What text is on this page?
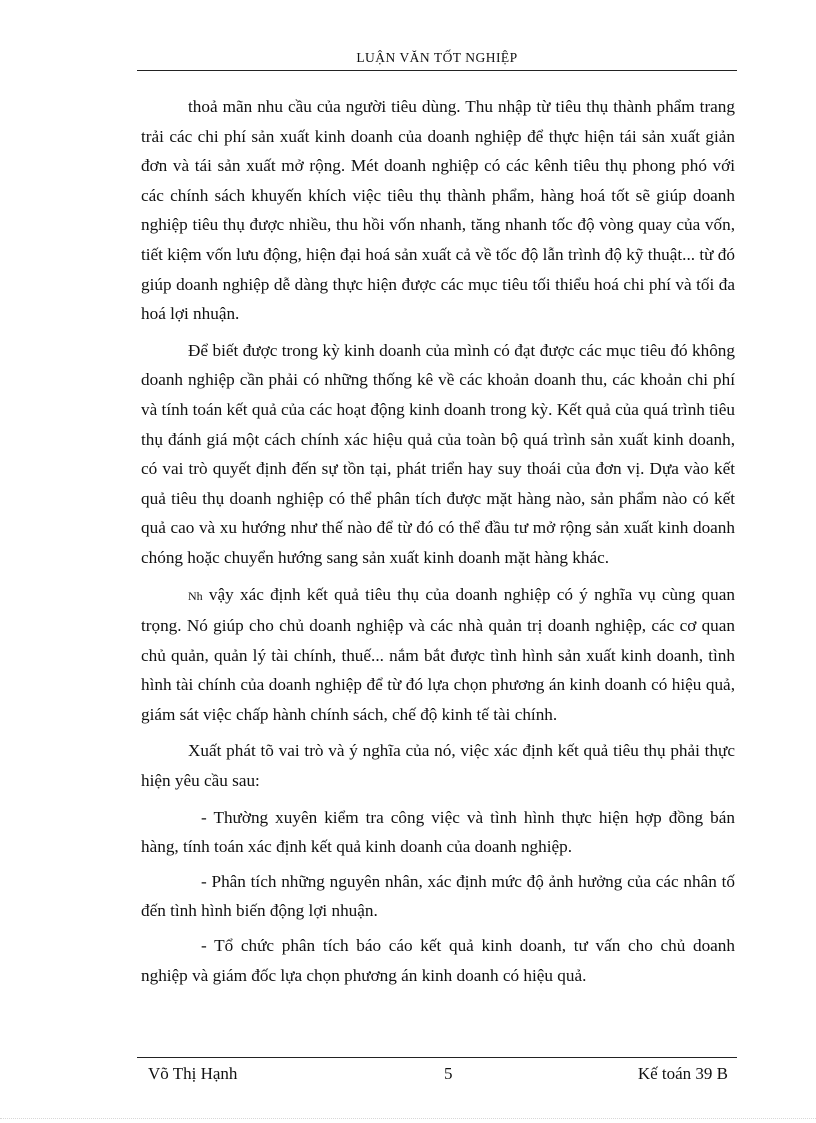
LUẬN VĂN TỐT NGHIỆP

thoả mãn nhu cầu của người tiêu dùng. Thu nhập từ tiêu thụ thành phẩm trang trải các chi phí sản xuất kinh doanh của doanh nghiệp để thực hiện tái sản xuất giản đơn và tái sản xuất mở rộng. Mét doanh nghiệp có các kênh tiêu thụ phong phó với các chính sách khuyến khích việc tiêu thụ thành phẩm, hàng hoá tốt sẽ giúp doanh nghiệp tiêu thụ được nhiều, thu hồi vốn nhanh, tăng nhanh tốc độ vòng quay của vốn, tiết kiệm vốn lưu động, hiện đại hoá sản xuất cả về tốc độ lẫn trình độ kỹ thuật... từ đó giúp doanh nghiệp dễ dàng thực hiện được các mục tiêu tối thiểu hoá chi phí và tối đa hoá lợi nhuận.

Để biết được trong kỳ kinh doanh của mình có đạt được các mục tiêu đó không doanh nghiệp cần phải có những thống kê về các khoản doanh thu, các khoản chi phí và tính toán kết quả của các hoạt động kinh doanh trong kỳ. Kết quả của quá trình tiêu thụ đánh giá một cách chính xác hiệu quả của toàn bộ quá trình sản xuất kinh doanh, có vai trò quyết định đến sự tồn tại, phát triển hay suy thoái của đơn vị. Dựa vào kết quả tiêu thụ doanh nghiệp có thể phân tích được mặt hàng nào, sản phẩm nào có kết quả cao và xu hướng như thế nào để từ đó có thể đầu tư mở rộng sản xuất kinh doanh chóng hoặc chuyển hướng sang sản xuất kinh doanh mặt hàng khác.

Nh vậy xác định kết quả tiêu thụ của doanh nghiệp có ý nghĩa vụ cùng quan trọng. Nó giúp cho chủ doanh nghiệp và các nhà quản trị doanh nghiệp, các cơ quan chủ quản, quản lý tài chính, thuế... nắm bắt được tình hình sản xuất kinh doanh, tình hình tài chính của doanh nghiệp để từ đó lựa chọn phương án kinh doanh có hiệu quả, giám sát việc chấp hành chính sách, chế độ kinh tế tài chính.

Xuất phát tõ vai trò và ý nghĩa của nó, việc xác định kết quả tiêu thụ phải thực hiện yêu cầu sau:

- Thường xuyên kiểm tra công việc và tình hình thực hiện hợp đồng bán hàng, tính toán xác định kết quả kinh doanh của doanh nghiệp.

- Phân tích những nguyên nhân, xác định mức độ ảnh hưởng của các nhân tố đến tình hình biến động lợi nhuận.

- Tổ chức phân tích báo cáo kết quả kinh doanh, tư vấn cho chủ doanh nghiệp và giám đốc lựa chọn phương án kinh doanh có hiệu quả.

Võ Thị Hạnh	5	Kế toán 39 B
